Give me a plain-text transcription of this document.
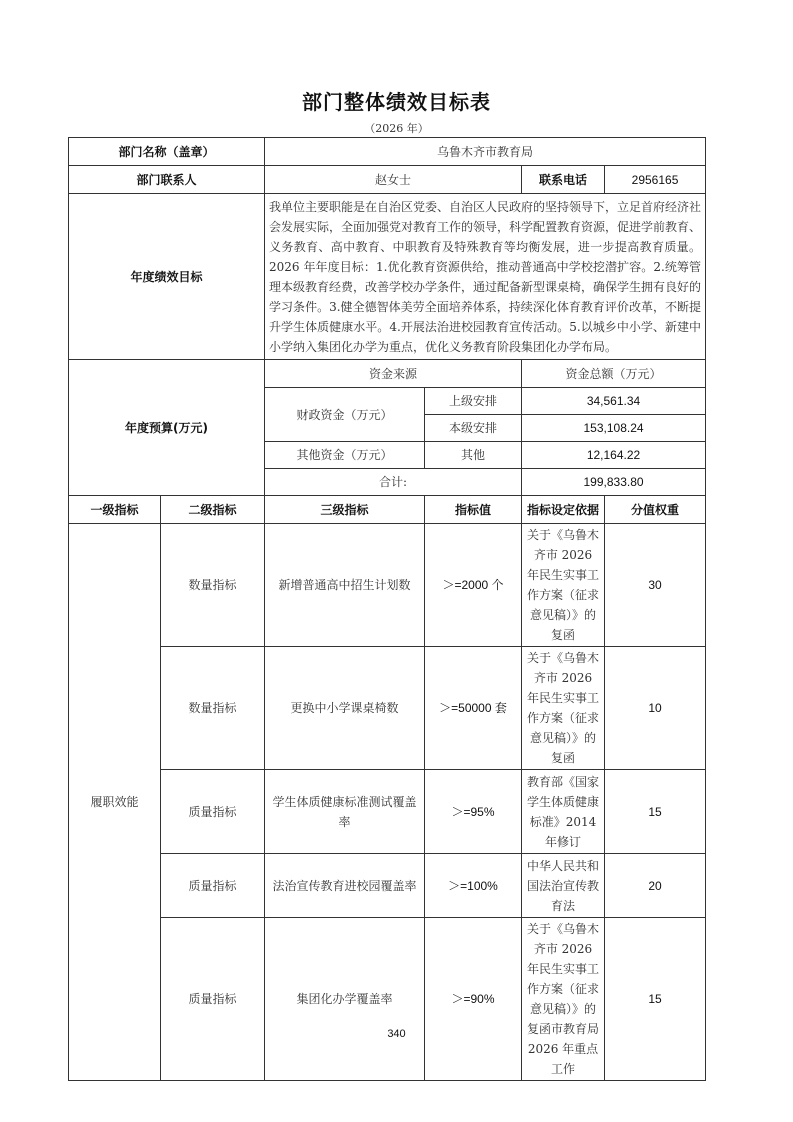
部门整体绩效目标表
（2026 年）
部门名称（盖章）		乌鲁木齐市教育局			
部门联系人		赵女士		联系电话	2956165
年度绩效目标		我单位主要职能是在自治区党委、自治区人民政府的坚持领导下，立足首府经济社会发展实际，全面加强党对教育工作的领导，科学配置教育资源，促进学前教育、义务教育、高中教育、中职教育及特殊教育等均衡发展，进一步提高教育质量。2026 年年度目标：1.优化教育资源供给，推动普通高中学校挖潜扩容。2.统筹管理本级教育经费，改善学校办学条件，通过配备新型课桌椅，确保学生拥有良好的学习条件。3.健全德智体美劳全面培养体系，持续深化体育教育评价改革，不断提升学生体质健康水平。4.开展法治进校园教育宣传活动。5.以城乡中小学、新建中小学纳入集团化办学为重点，优化义务教育阶段集团化办学布局。			
年度预算(万元)		资金来源		资金总额（万元）	
		财政资金（万元）	上级安排	34,561.34	
			本级安排	153,108.24	
		其他资金（万元）	其他	12,164.22	
		合计:		199,833.80	
一级指标	二级指标	三级指标	指标值	指标设定依据	分值权重
履职效能	数量指标	新增普通高中招生计划数	＞=2000 个	关于《乌鲁木齐市 2026 年民生实事工作方案（征求意见稿）》的复函	30
	数量指标	更换中小学课桌椅数	＞=50000 套	关于《乌鲁木齐市 2026 年民生实事工作方案（征求意见稿）》的复函	10
	质量指标	学生体质健康标准测试覆盖率	＞=95%	教育部《国家学生体质健康标准》2014 年修订	15
	质量指标	法治宣传教育进校园覆盖率	＞=100%	中华人民共和国法治宣传教育法	20
	质量指标	集团化办学覆盖率	＞=90%	关于《乌鲁木齐市 2026 年民生实事工作方案（征求意见稿）》的复函市教育局 2026 年重点工作	15
340
